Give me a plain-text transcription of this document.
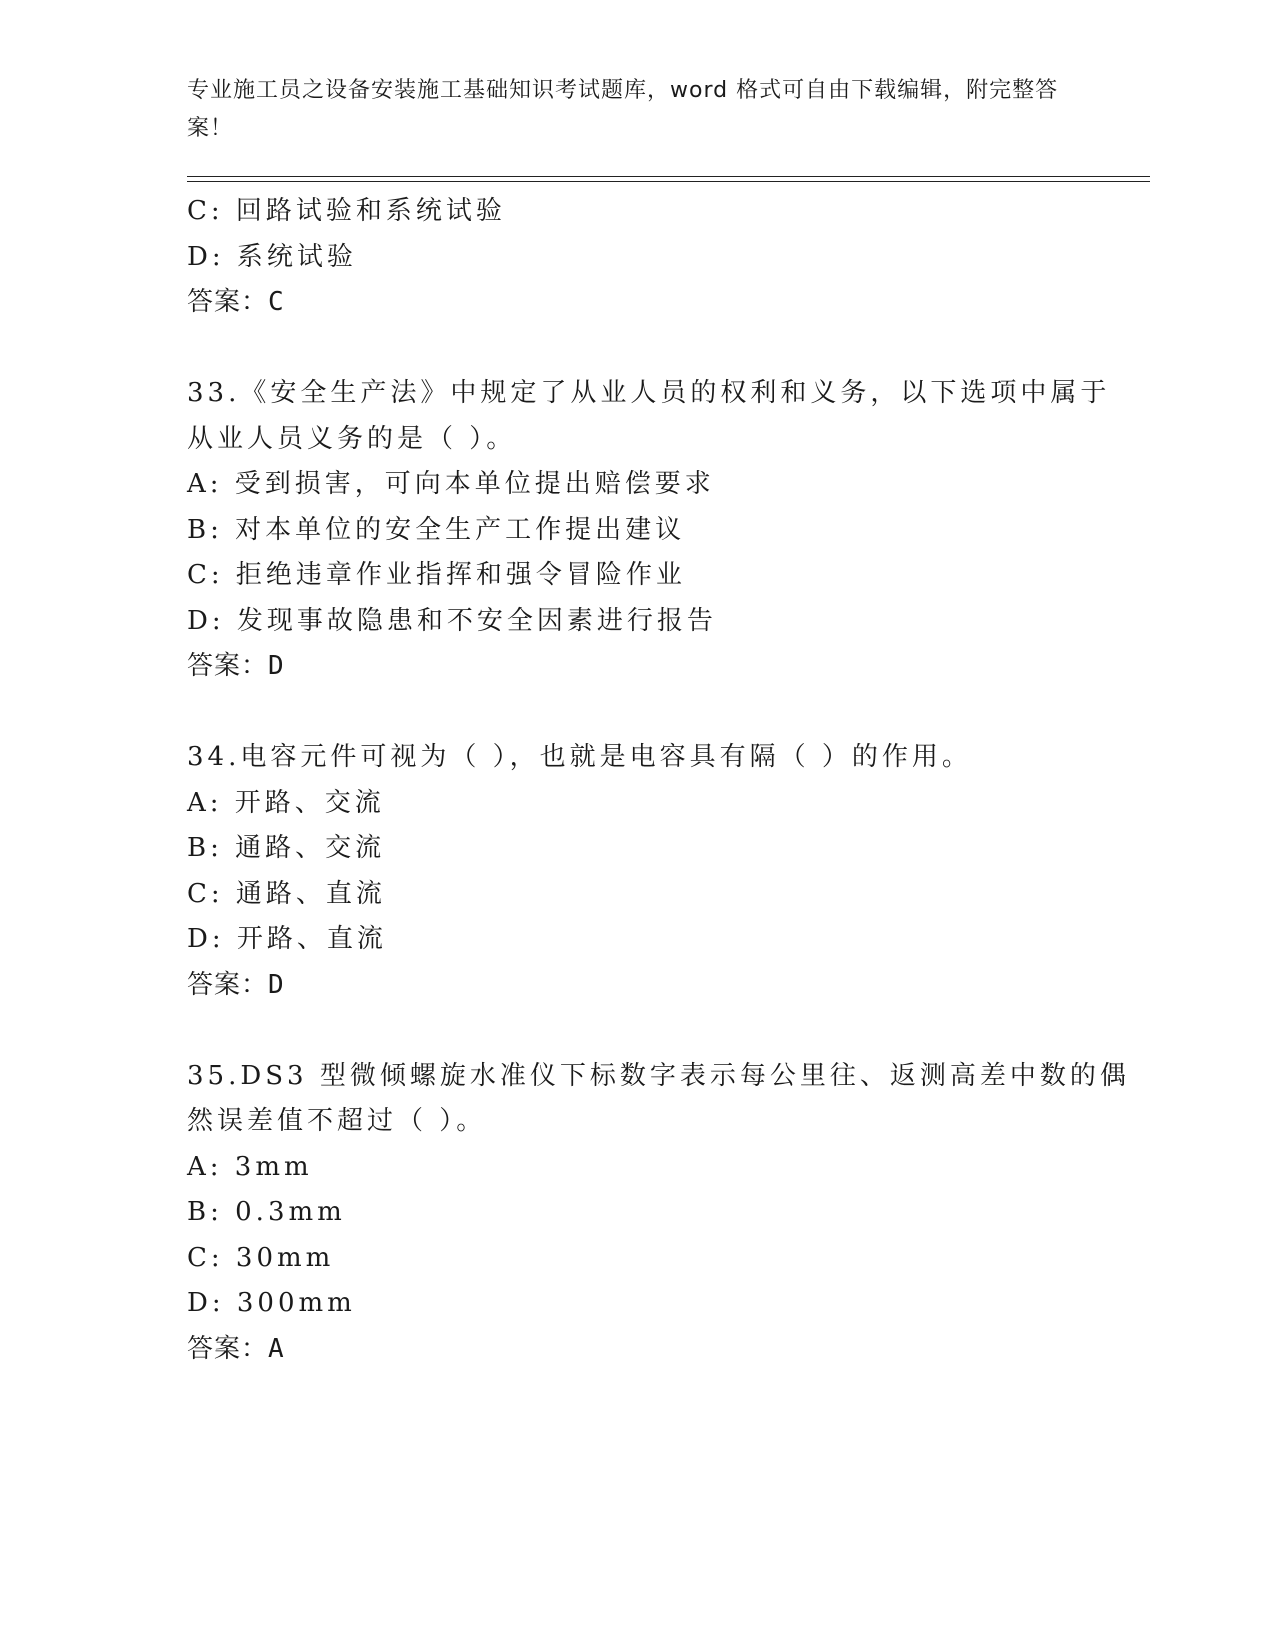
专业施工员之设备安装施工基础知识考试题库，word 格式可自由下载编辑，附完整答案！
C: 回路试验和系统试验
D: 系统试验
答案：C
33.《安全生产法》中规定了从业人员的权利和义务，以下选项中属于
从业人员义务的是（ ）。
A: 受到损害，可向本单位提出赔偿要求
B: 对本单位的安全生产工作提出建议
C: 拒绝违章作业指挥和强令冒险作业
D: 发现事故隐患和不安全因素进行报告
答案：D
34.电容元件可视为（ ），也就是电容具有隔（ ）的作用。
A: 开路、交流
B: 通路、交流
C: 通路、直流
D: 开路、直流
答案：D
35.DS3 型微倾螺旋水准仪下标数字表示每公里往、返测高差中数的偶
然误差值不超过（ ）。
A: 3mm
B: 0.3mm
C: 30mm
D: 300mm
答案：A
